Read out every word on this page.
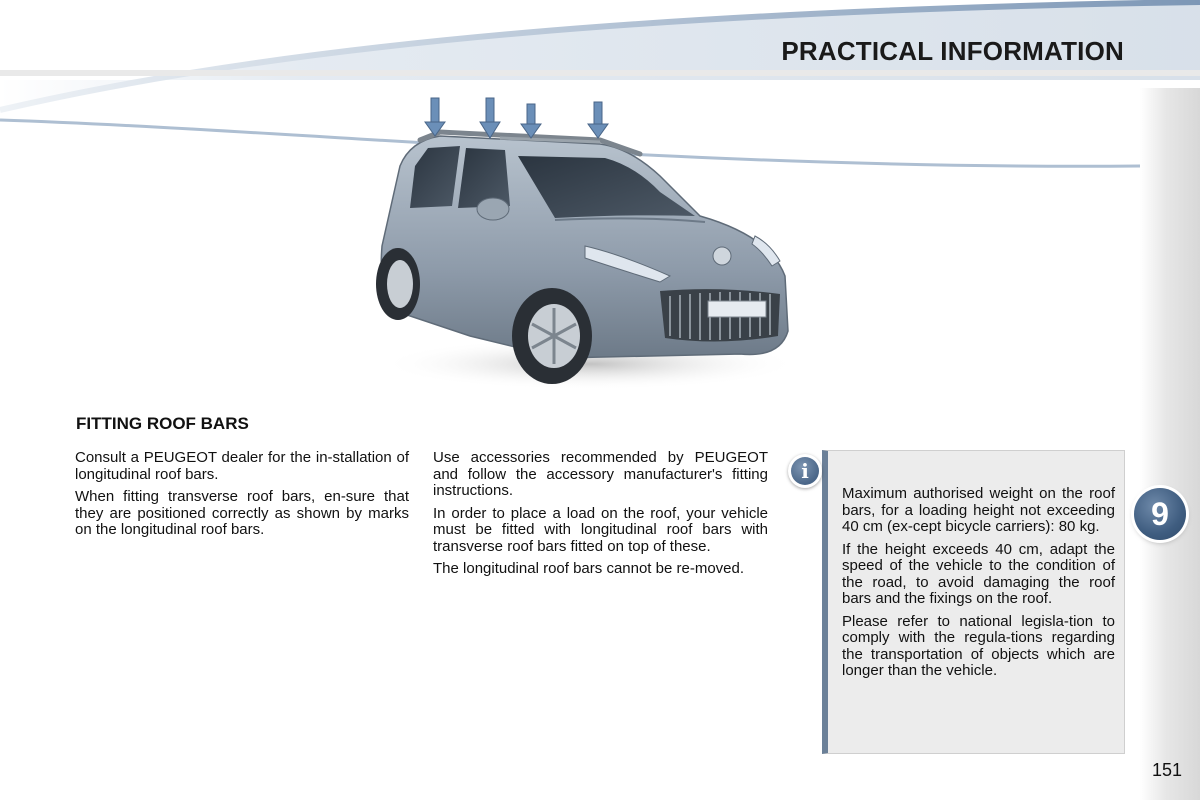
PRACTICAL INFORMATION
9
FITTING ROOF BARS

Consult a PEUGEOT dealer for the in-stallation of longitudinal roof bars.

When fitting transverse roof bars, en-sure that they are positioned correctly as shown by marks on the longitudinal roof bars.

Use accessories recommended by PEUGEOT and follow the accessory manufacturer's fitting instructions.

In order to place a load on the roof, your vehicle must be fitted with longitudinal roof bars with transverse roof bars fitted on top of these.

The longitudinal roof bars cannot be re-moved.

i

Maximum authorised weight on the roof bars, for a loading height not exceeding 40 cm (ex-cept bicycle carriers): 80 kg.

If the height exceeds 40 cm, adapt the speed of the vehicle to the condition of the road, to avoid damaging the roof bars and the fixings on the roof.

Please refer to national legisla-tion to comply with the regula-tions regarding the transportation of objects which are longer than the vehicle.

151
